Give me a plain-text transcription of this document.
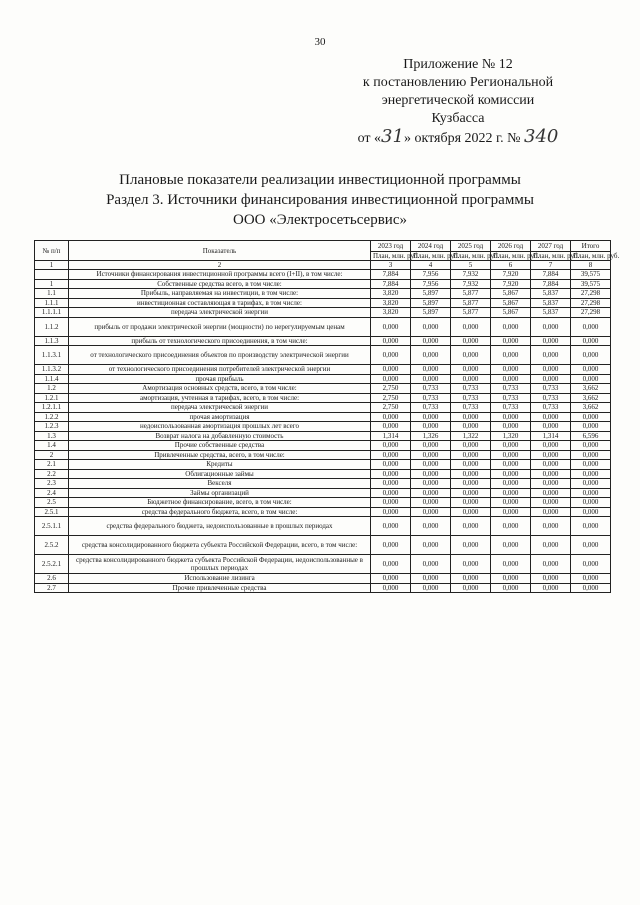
30
Приложение № 12
к постановлению Региональной
энергетической комиссии
Кузбасса
от «31» октября 2022 г. № 340
Плановые показатели реализации инвестиционной программы
Раздел 3. Источники финансирования инвестиционной программы
ООО «Электросетьсервис»
№ п/п	Показатель	2023 год	2024 год	2025 год	2026 год	2027 год	Итого
		План, млн. руб.	План, млн. руб.	План, млн. руб.	План, млн. руб.	План, млн. руб.	План, млн. руб.
1	2	3	4	5	6	7	8
	Источники финансирования инвестиционной программы всего (I+II), в том числе:	7,884	7,956	7,932	7,920	7,884	39,575
1	Собственные средства всего, в том числе:	7,884	7,956	7,932	7,920	7,884	39,575
1.1	Прибыль, направляемая на инвестиции, в том числе:	3,820	5,897	5,877	5,867	5,837	27,298
1.1.1	инвестиционная составляющая в тарифах, в том числе:	3,820	5,897	5,877	5,867	5,837	27,298
1.1.1.1	передача электрической энергии	3,820	5,897	5,877	5,867	5,837	27,298
1.1.2	прибыль от продажи электрической энергии (мощности) по нерегулируемым ценам	0,000	0,000	0,000	0,000	0,000	0,000
1.1.3	прибыль от технологического присоединения, в том числе:	0,000	0,000	0,000	0,000	0,000	0,000
1.1.3.1	от технологического присоединения объектов по производству электрической энергии	0,000	0,000	0,000	0,000	0,000	0,000
1.1.3.2	от технологического присоединения потребителей электрической энергии	0,000	0,000	0,000	0,000	0,000	0,000
1.1.4	прочая прибыль	0,000	0,000	0,000	0,000	0,000	0,000
1.2	Амортизация основных средств, всего, в том числе:	2,750	0,733	0,733	0,733	0,733	3,662
1.2.1	амортизация, учтенная в тарифах, всего, в том числе:	2,750	0,733	0,733	0,733	0,733	3,662
1.2.1.1	передача электрической энергии	2,750	0,733	0,733	0,733	0,733	3,662
1.2.2	прочая амортизация	0,000	0,000	0,000	0,000	0,000	0,000
1.2.3	недоиспользованная амортизация прошлых лет всего	0,000	0,000	0,000	0,000	0,000	0,000
1.3	Возврат налога на добавленную стоимость	1,314	1,326	1,322	1,320	1,314	6,596
1.4	Прочие собственные средства	0,000	0,000	0,000	0,000	0,000	0,000
2	Привлеченные средства, всего, в том числе:	0,000	0,000	0,000	0,000	0,000	0,000
2.1	Кредиты	0,000	0,000	0,000	0,000	0,000	0,000
2.2	Облигационные займы	0,000	0,000	0,000	0,000	0,000	0,000
2.3	Векселя	0,000	0,000	0,000	0,000	0,000	0,000
2.4	Займы организаций	0,000	0,000	0,000	0,000	0,000	0,000
2.5	Бюджетное финансирование, всего, в том числе:	0,000	0,000	0,000	0,000	0,000	0,000
2.5.1	средства федерального бюджета, всего, в том числе:	0,000	0,000	0,000	0,000	0,000	0,000
2.5.1.1	средства федерального бюджета, недоиспользованные в прошлых периодах	0,000	0,000	0,000	0,000	0,000	0,000
2.5.2	средства консолидированного бюджета субъекта Российской Федерации, всего, в том числе:	0,000	0,000	0,000	0,000	0,000	0,000
2.5.2.1	средства консолидированного бюджета субъекта Российской Федерации, недоиспользованные в прошлых периодах	0,000	0,000	0,000	0,000	0,000	0,000
2.6	Использование лизинга	0,000	0,000	0,000	0,000	0,000	0,000
2.7	Прочие привлеченные средства	0,000	0,000	0,000	0,000	0,000	0,000
